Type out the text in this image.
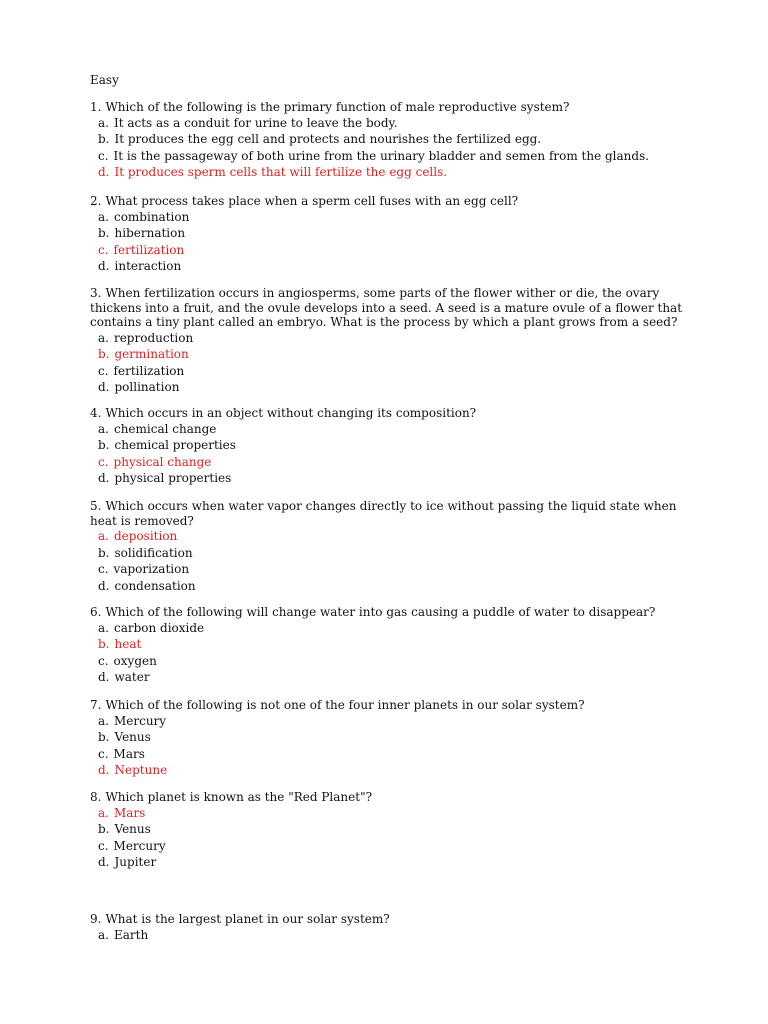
Easy
1. Which of the following is the primary function of male reproductive system?
a. It acts as a conduit for urine to leave the body.
b. It produces the egg cell and protects and nourishes the fertilized egg.
c. It is the passageway of both urine from the urinary bladder and semen from the glands.
d. It produces sperm cells that will fertilize the egg cells.
2. What process takes place when a sperm cell fuses with an egg cell?
a. combination
b. hibernation
c. fertilization
d. interaction
3. When fertilization occurs in angiosperms, some parts of the flower wither or die, the ovary thickens into a fruit, and the ovule develops into a seed. A seed is a mature ovule of a flower that contains a tiny plant called an embryo. What is the process by which a plant grows from a seed?
a. reproduction
b. germination
c. fertilization
d. pollination
4. Which occurs in an object without changing its composition?
a. chemical change
b. chemical properties
c. physical change
d. physical properties
5. Which occurs when water vapor changes directly to ice without passing the liquid state when heat is removed?
a. deposition
b. solidification
c. vaporization
d. condensation
6. Which of the following will change water into gas causing a puddle of water to disappear?
a. carbon dioxide
b. heat
c. oxygen
d. water
7. Which of the following is not one of the four inner planets in our solar system?
a. Mercury
b. Venus
c. Mars
d. Neptune
8. Which planet is known as the "Red Planet"?
a. Mars
b. Venus
c. Mercury
d. Jupiter
9. What is the largest planet in our solar system?
a. Earth
